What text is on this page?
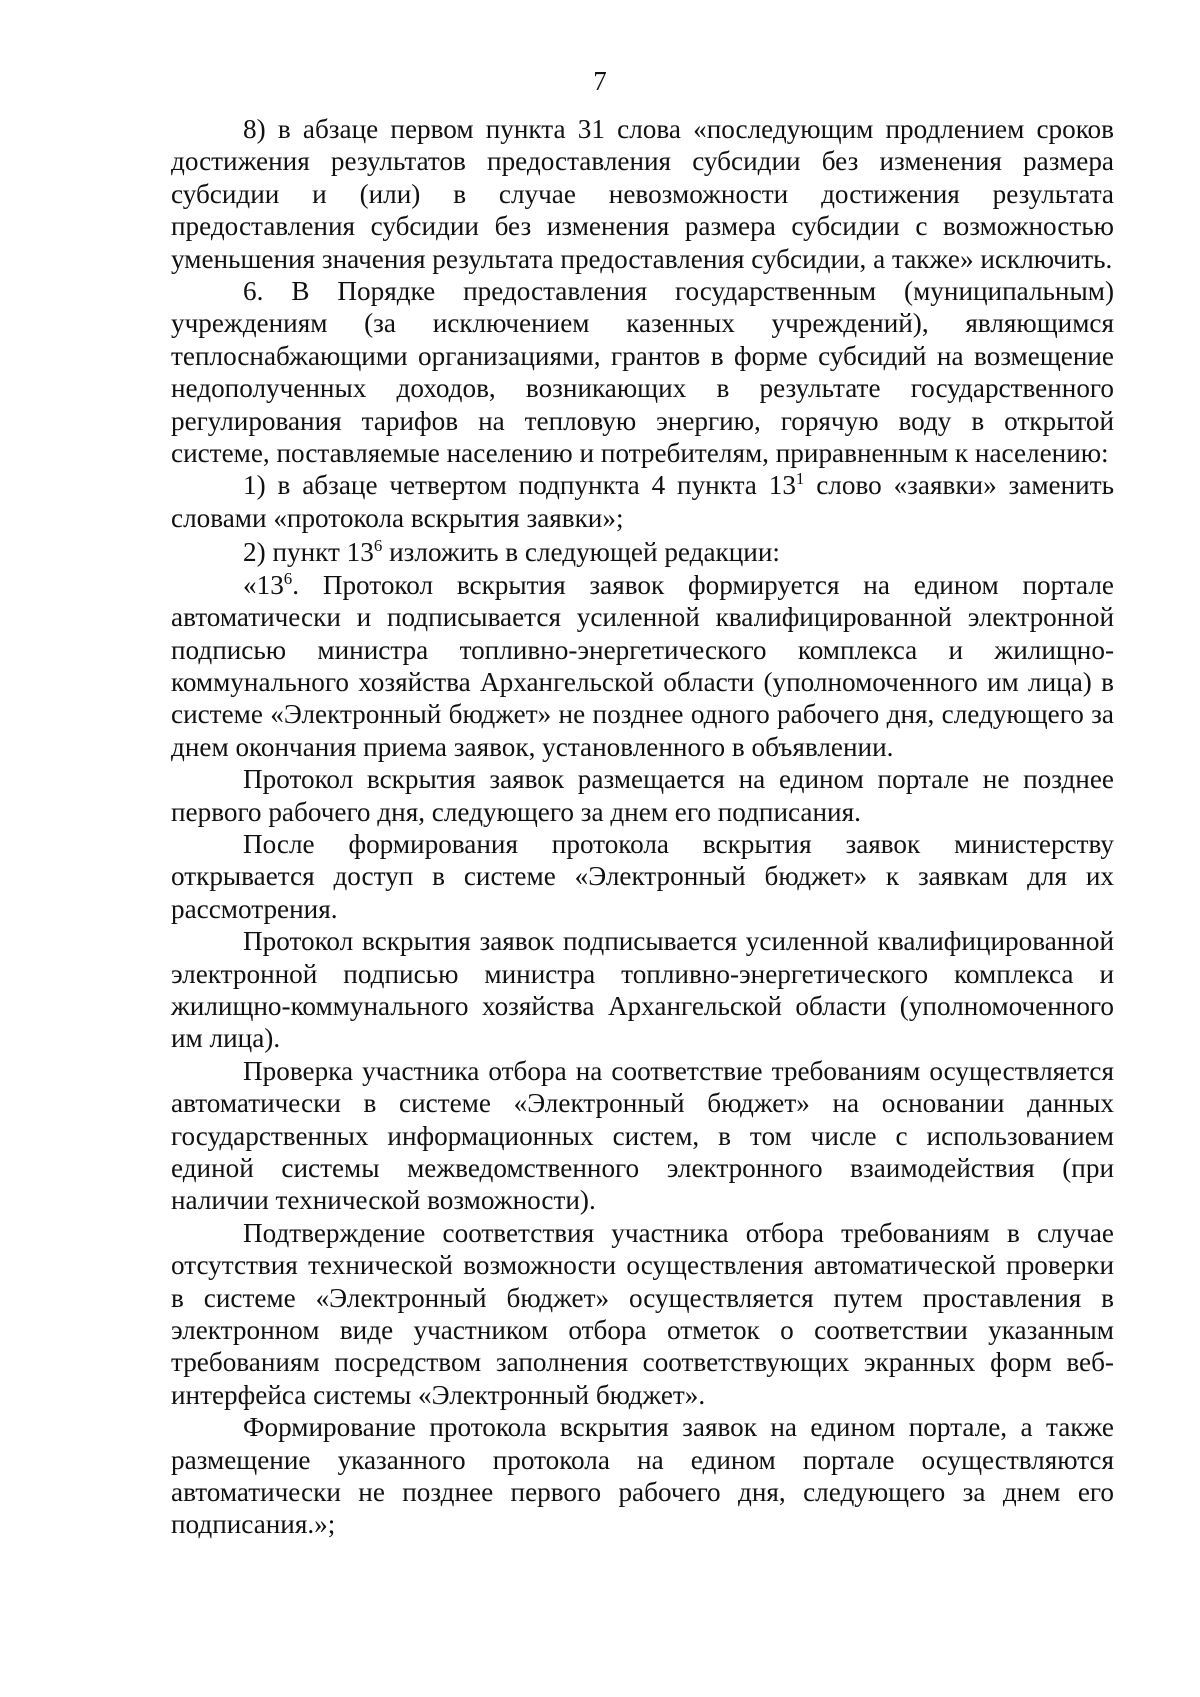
7

8) в абзаце первом пункта 31 слова «последующим продлением сроков достижения результатов предоставления субсидии без изменения размера субсидии и (или) в случае невозможности достижения результата предоставления субсидии без изменения размера субсидии с возможностью уменьшения значения результата предоставления субсидии, а также» исключить.

6. В Порядке предоставления государственным (муниципальным) учреждениям (за исключением казенных учреждений), являющимся теплоснабжающими организациями, грантов в форме субсидий на возмещение недополученных доходов, возникающих в результате государственного регулирования тарифов на тепловую энергию, горячую воду в открытой системе, поставляемые населению и потребителям, приравненным к населению:

1) в абзаце четвертом подпункта 4 пункта $13^1$ слово «заявки» заменить словами «протокола вскрытия заявки»;

2) пункт $13^6$ изложить в следующей редакции:

«$13^6$. Протокол вскрытия заявок формируется на едином портале автоматически и подписывается усиленной квалифицированной электронной подписью министра топливно-энергетического комплекса и жилищно-коммунального хозяйства Архангельской области (уполномоченного им лица) в системе «Электронный бюджет» не позднее одного рабочего дня, следующего за днем окончания приема заявок, установленного в объявлении.

Протокол вскрытия заявок размещается на едином портале не позднее первого рабочего дня, следующего за днем его подписания.

После формирования протокола вскрытия заявок министерству открывается доступ в системе «Электронный бюджет» к заявкам для их рассмотрения.

Протокол вскрытия заявок подписывается усиленной квалифицированной электронной подписью министра топливно-энергетического комплекса и жилищно-коммунального хозяйства Архангельской области (уполномоченного им лица).

Проверка участника отбора на соответствие требованиям осуществляется автоматически в системе «Электронный бюджет» на основании данных государственных информационных систем, в том числе с использованием единой системы межведомственного электронного взаимодействия (при наличии технической возможности).

Подтверждение соответствия участника отбора требованиям в случае отсутствия технической возможности осуществления автоматической проверки в системе «Электронный бюджет» осуществляется путем проставления в электронном виде участником отбора отметок о соответствии указанным требованиям посредством заполнения соответствующих экранных форм веб-интерфейса системы «Электронный бюджет».

Формирование протокола вскрытия заявок на едином портале, а также размещение указанного протокола на едином портале осуществляются автоматически не позднее первого рабочего дня, следующего за днем его подписания.»;
